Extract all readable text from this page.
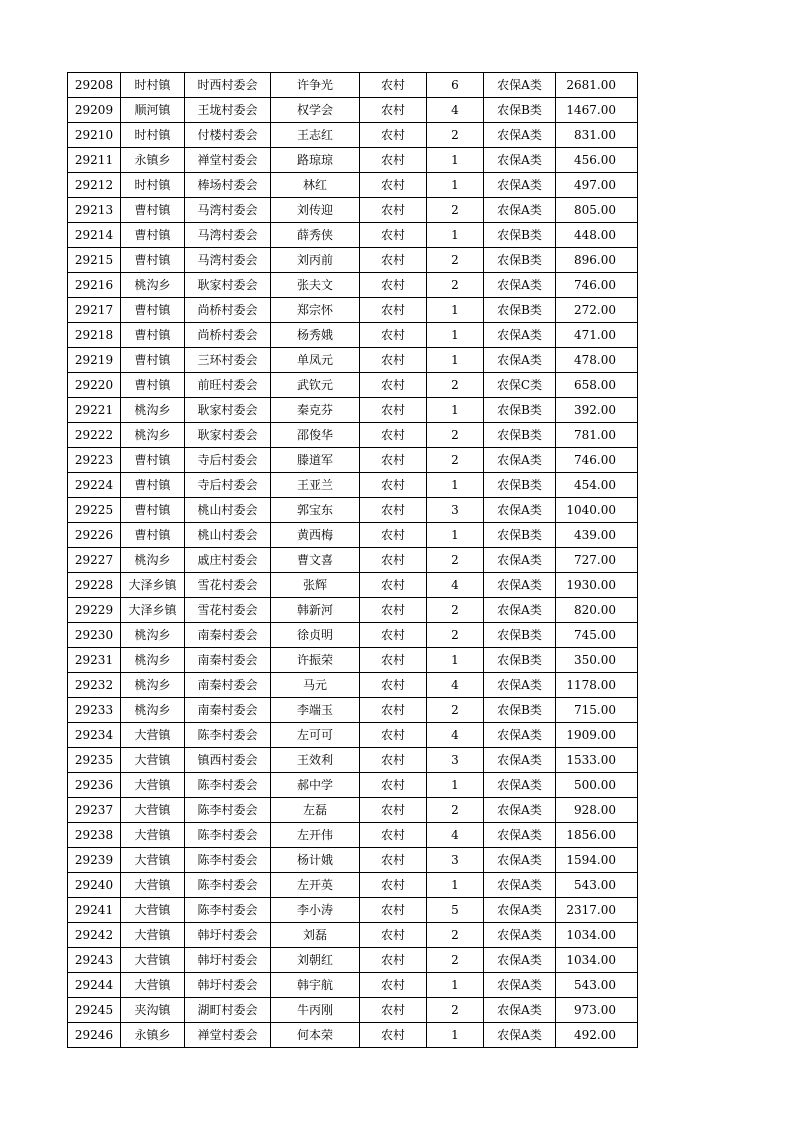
29208	时村镇	时西村委会	许争光	农村	6	农保A类	2681.00
29209	顺河镇	王垅村委会	权学会	农村	4	农保B类	1467.00
29210	时村镇	付楼村委会	王志红	农村	2	农保A类	831.00
29211	永镇乡	禅堂村委会	路琼琼	农村	1	农保A类	456.00
29212	时村镇	棒场村委会	林红	农村	1	农保A类	497.00
29213	曹村镇	马湾村委会	刘传迎	农村	2	农保A类	805.00
29214	曹村镇	马湾村委会	薛秀侠	农村	1	农保B类	448.00
29215	曹村镇	马湾村委会	刘丙前	农村	2	农保B类	896.00
29216	桃沟乡	耿家村委会	张夫文	农村	2	农保A类	746.00
29217	曹村镇	尚桥村委会	郑宗怀	农村	1	农保B类	272.00
29218	曹村镇	尚桥村委会	杨秀娥	农村	1	农保A类	471.00
29219	曹村镇	三环村委会	单凤元	农村	1	农保A类	478.00
29220	曹村镇	前旺村委会	武钦元	农村	2	农保C类	658.00
29221	桃沟乡	耿家村委会	秦克芬	农村	1	农保B类	392.00
29222	桃沟乡	耿家村委会	邵俊华	农村	2	农保B类	781.00
29223	曹村镇	寺后村委会	滕道军	农村	2	农保A类	746.00
29224	曹村镇	寺后村委会	王亚兰	农村	1	农保B类	454.00
29225	曹村镇	桃山村委会	郭宝东	农村	3	农保A类	1040.00
29226	曹村镇	桃山村委会	黄西梅	农村	1	农保B类	439.00
29227	桃沟乡	戚庄村委会	曹文喜	农村	2	农保A类	727.00
29228	大泽乡镇	雪花村委会	张辉	农村	4	农保A类	1930.00
29229	大泽乡镇	雪花村委会	韩新河	农村	2	农保A类	820.00
29230	桃沟乡	南秦村委会	徐贞明	农村	2	农保B类	745.00
29231	桃沟乡	南秦村委会	许振荣	农村	1	农保B类	350.00
29232	桃沟乡	南秦村委会	马元	农村	4	农保A类	1178.00
29233	桃沟乡	南秦村委会	李端玉	农村	2	农保B类	715.00
29234	大营镇	陈李村委会	左可可	农村	4	农保A类	1909.00
29235	大营镇	镇西村委会	王效利	农村	3	农保A类	1533.00
29236	大营镇	陈李村委会	郝中学	农村	1	农保A类	500.00
29237	大营镇	陈李村委会	左磊	农村	2	农保A类	928.00
29238	大营镇	陈李村委会	左开伟	农村	4	农保A类	1856.00
29239	大营镇	陈李村委会	杨计娥	农村	3	农保A类	1594.00
29240	大营镇	陈李村委会	左开英	农村	1	农保A类	543.00
29241	大营镇	陈李村委会	李小涛	农村	5	农保A类	2317.00
29242	大营镇	韩圩村委会	刘磊	农村	2	农保A类	1034.00
29243	大营镇	韩圩村委会	刘朝红	农村	2	农保A类	1034.00
29244	大营镇	韩圩村委会	韩宇航	农村	1	农保A类	543.00
29245	夹沟镇	湖町村委会	牛丙刚	农村	2	农保A类	973.00
29246	永镇乡	禅堂村委会	何本荣	农村	1	农保A类	492.00
